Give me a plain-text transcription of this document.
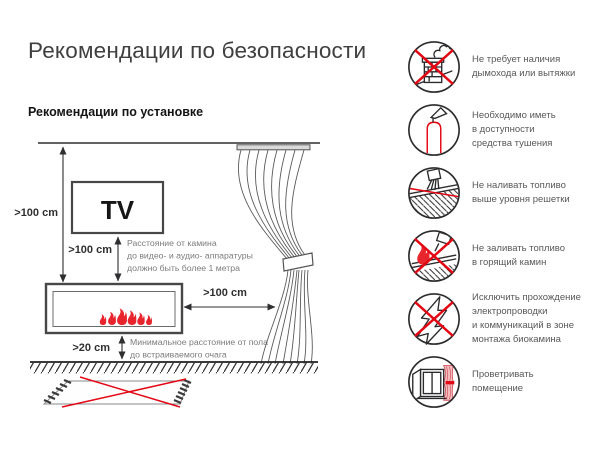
Рекомендации по безопасности
Рекомендации по установке
>100 cm TV
>100 cm
Расстояние от камина
до видео- и аудио- аппаратуры
должно быть более 1 метра
>100 cm
>20 cm Минимальное расстояние от пола
до встраиваемого очага
Не требует наличия
дымохода или вытяжки
Необходимо иметь
в доступности
средства тушения
Не наливать топливо
выше уровня решетки
Не заливать топливо
в горящий камин
Исключить прохождение
электропроводки
и коммуникаций в зоне
монтажа биокамина
Проветривать
помещение
